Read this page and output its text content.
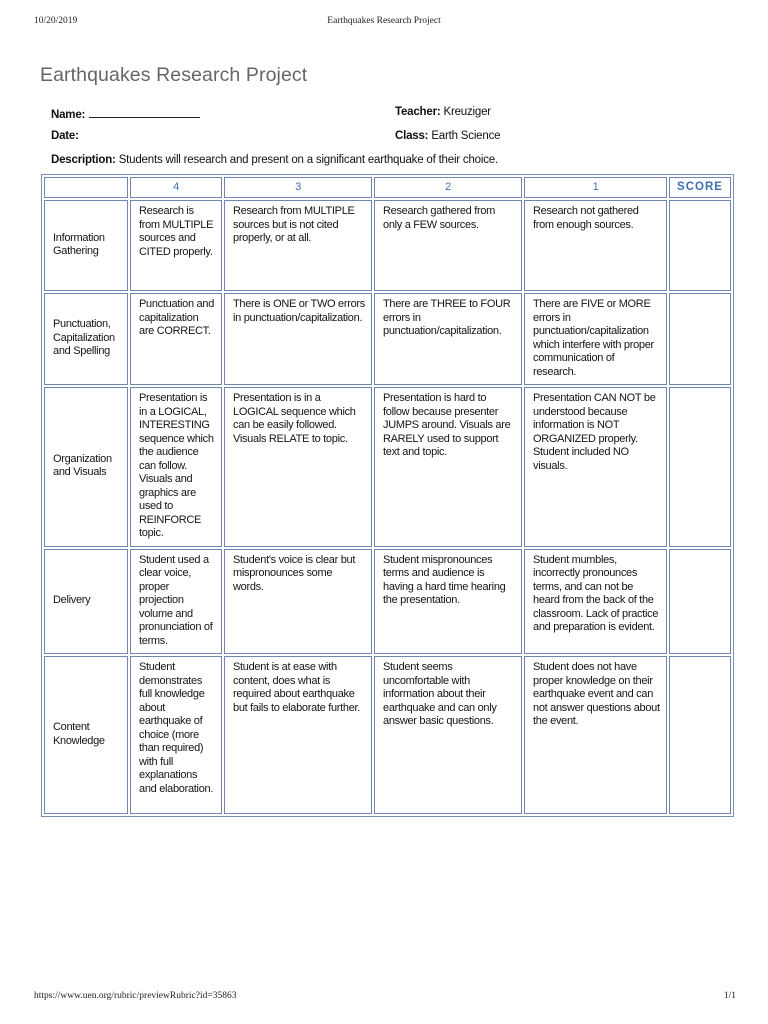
10/20/2019	Earthquakes Research Project
Earthquakes Research Project
Name:
Date:
Teacher: Kreuziger
Class: Earth Science
Description: Students will research and present on a significant earthquake of their choice.
	4	3	2	1	SCORE
Information Gathering	Research is from MULTIPLE sources and CITED properly.	Research from MULTIPLE sources but is not cited properly, or at all.	Research gathered from only a FEW sources.	Research not gathered from enough sources.	
Punctuation, Capitalization and Spelling	Punctuation and capitalization are CORRECT.	There is ONE or TWO errors in punctuation/capitalization.	There are THREE to FOUR errors in punctuation/capitalization.	There are FIVE or MORE errors in punctuation/capitalization which interfere with proper communication of research.	
Organization and Visuals	Presentation is in a LOGICAL, INTERESTING sequence which the audience can follow. Visuals and graphics are used to REINFORCE topic.	Presentation is in a LOGICAL sequence which can be easily followed. Visuals RELATE to topic.	Presentation is hard to follow because presenter JUMPS around. Visuals are RARELY used to support text and topic.	Presentation CAN NOT be understood because information is NOT ORGANIZED properly. Student included NO visuals.	
Delivery	Student used a clear voice, proper projection volume and pronunciation of terms.	Student's voice is clear but mispronounces some words.	Student mispronounces terms and audience is having a hard time hearing the presentation.	Student mumbles, incorrectly pronounces terms, and can not be heard from the back of the classroom. Lack of practice and preparation is evident.	
Content Knowledge	Student demonstrates full knowledge about earthquake of choice (more than required) with full explanations and elaboration.	Student is at ease with content, does what is required about earthquake but fails to elaborate further.	Student seems uncomfortable with information about their earthquake and can only answer basic questions.	Student does not have proper knowledge on their earthquake event and can not answer questions about the event.	
https://www.uen.org/rubric/previewRubric?id=35863	1/1
